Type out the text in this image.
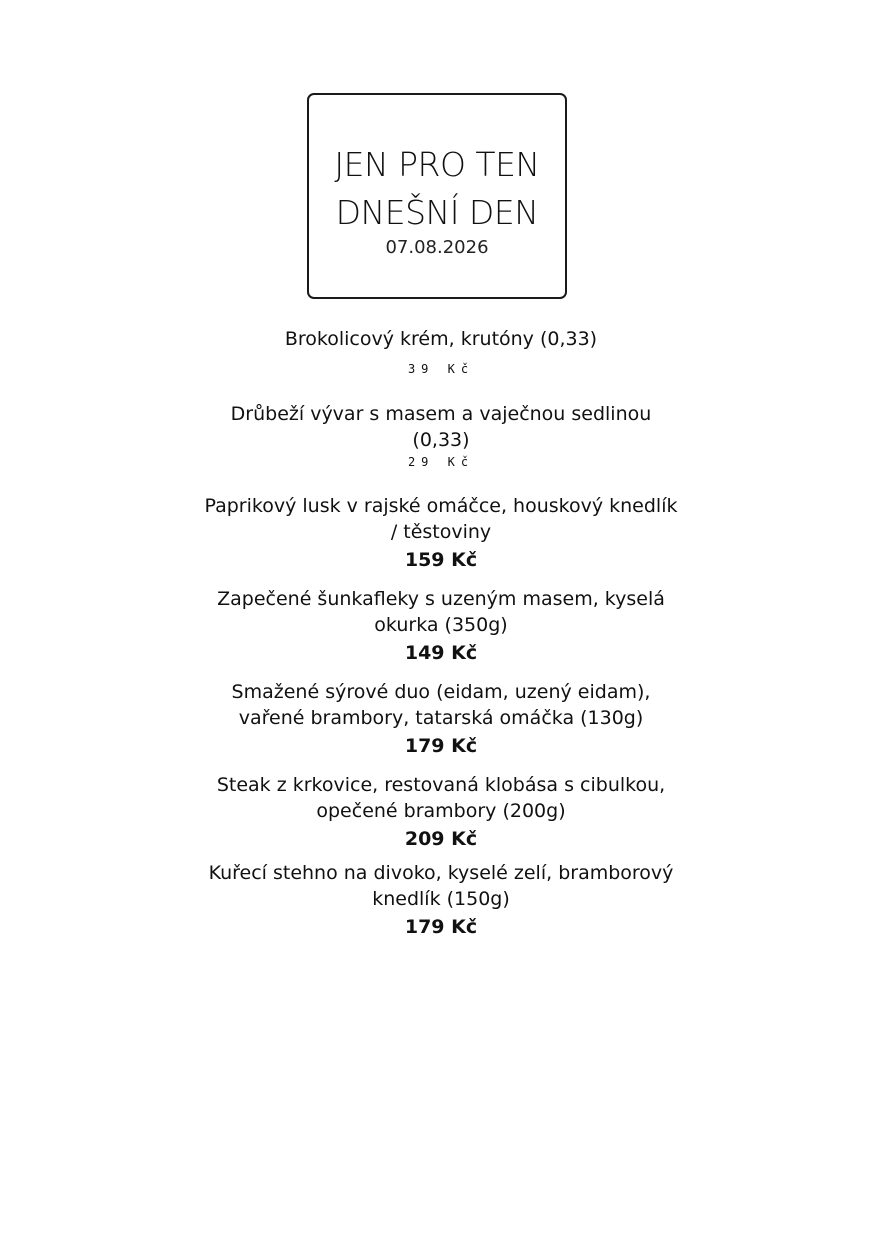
JEN PRO TEN
DNEŠNÍ DEN
07.08.2026
Brokolicový krém, krutóny (0,33)
39 Kč
Drůbeží vývar s masem a vaječnou sedlinou (0,33)
29 Kč
Paprikový lusk v rajské omáčce, houskový knedlík / těstoviny
159 Kč
Zapečené šunkafleky s uzeným masem, kyselá okurka (350g)
149 Kč
Smažené sýrové duo (eidam, uzený eidam), vařené brambory, tatarská omáčka (130g)
179 Kč
Steak z krkovice, restovaná klobása s cibulkou, opečené brambory (200g)
209 Kč
Kuřecí stehno na divoko, kyselé zelí, bramborový knedlík (150g)
179 Kč
